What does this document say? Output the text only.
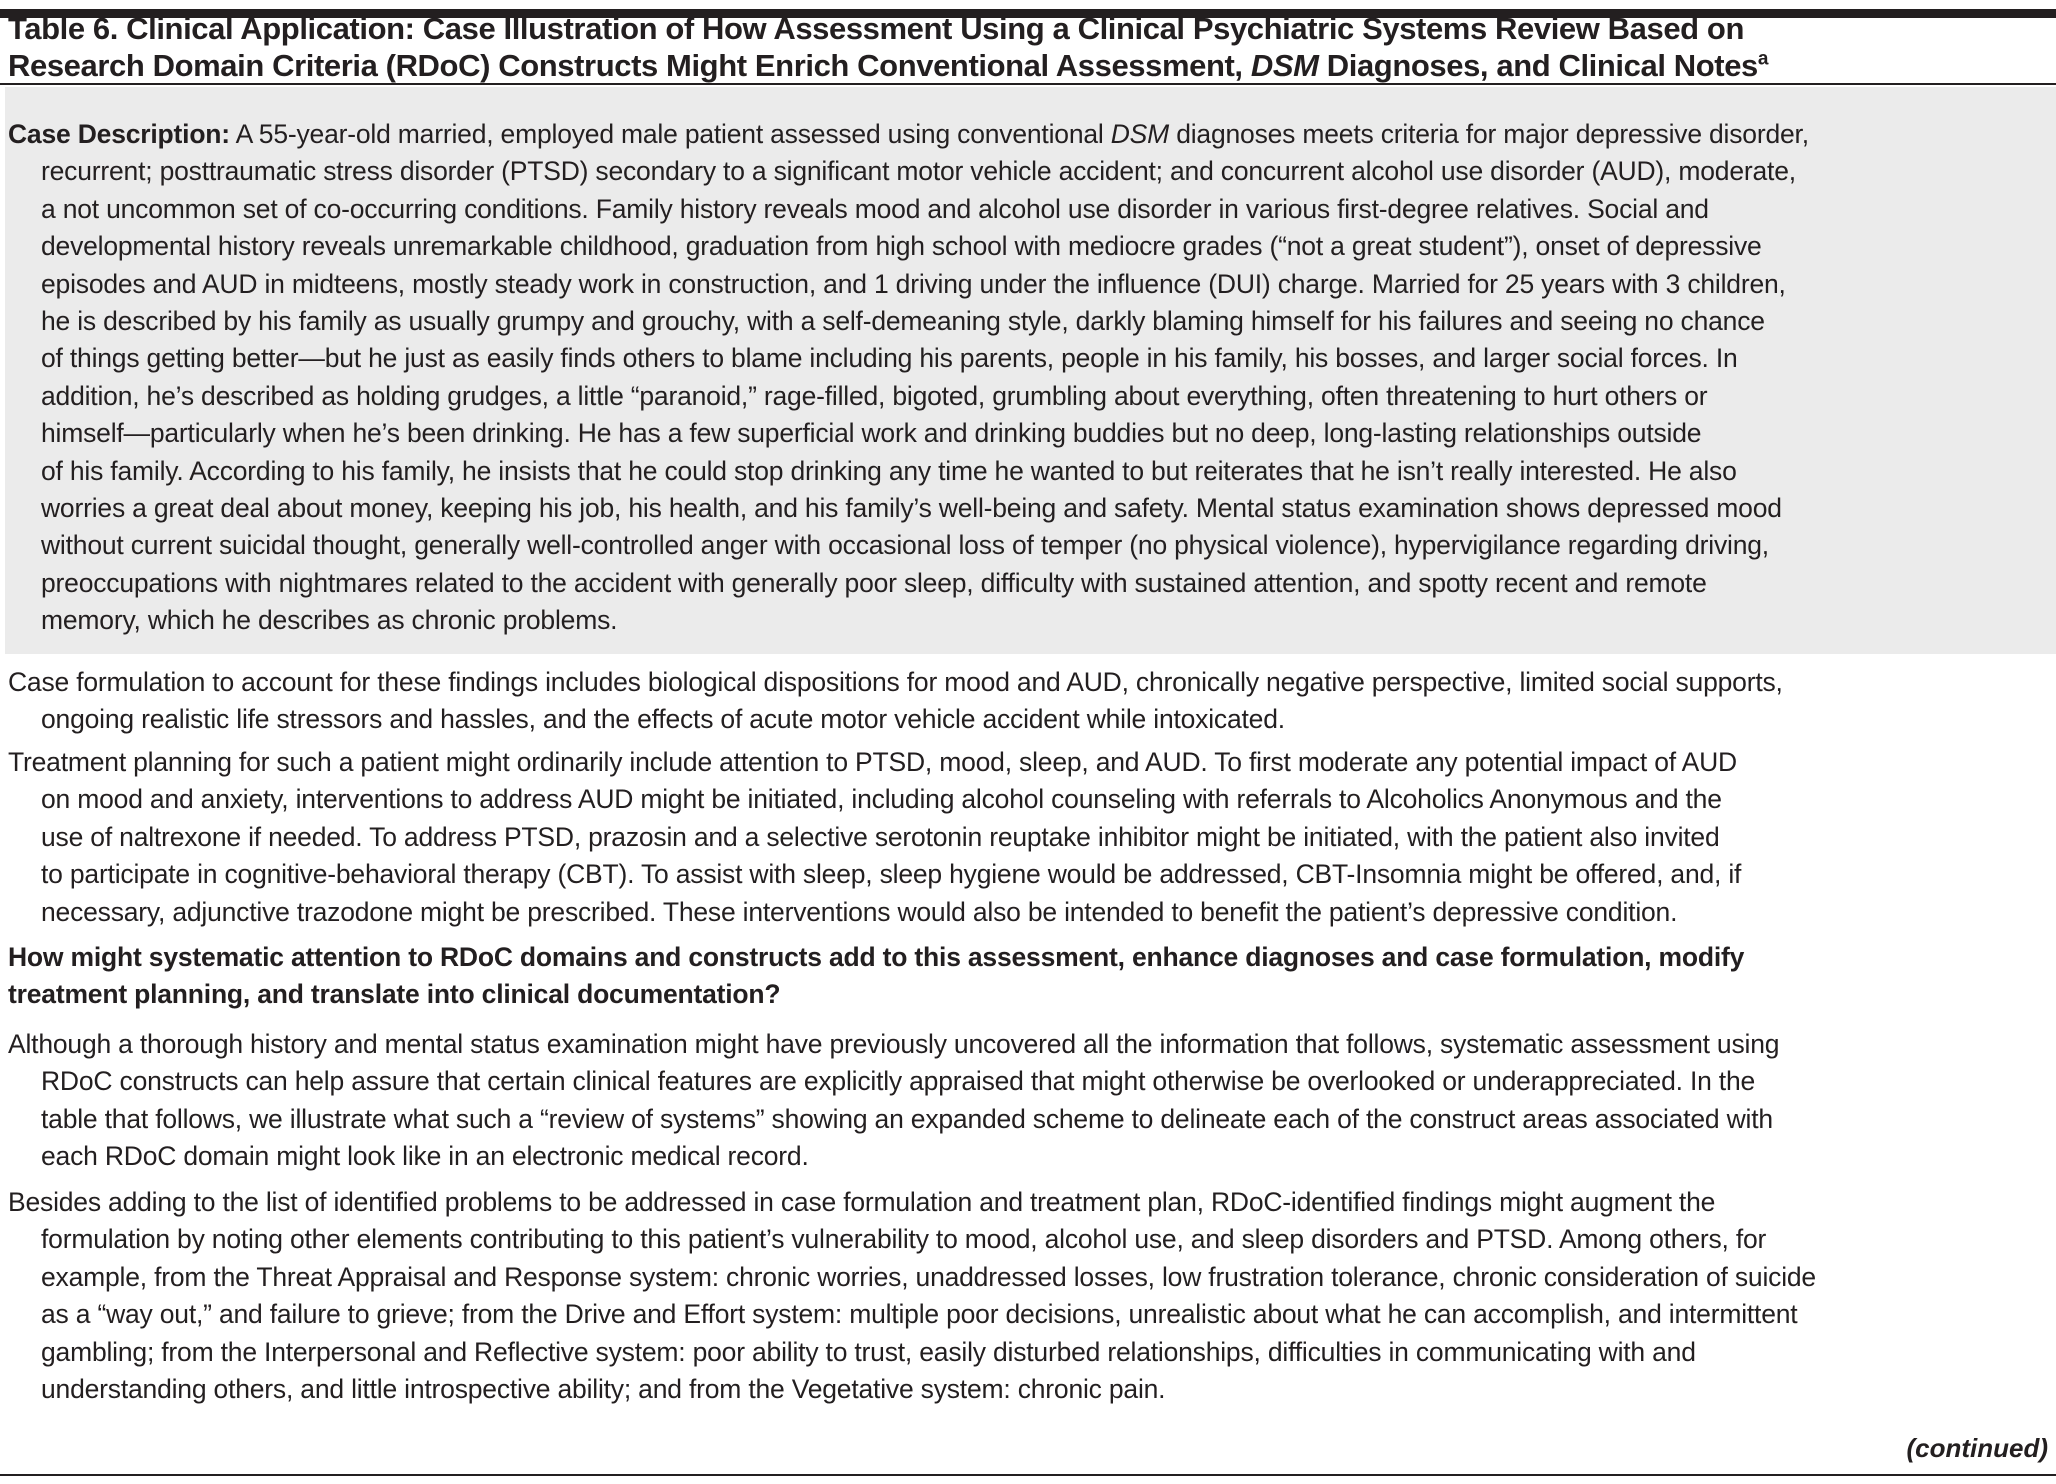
Table 6. Clinical Application: Case Illustration of How Assessment Using a Clinical Psychiatric Systems Review Based on
Research Domain Criteria (RDoC) Constructs Might Enrich Conventional Assessment, DSM Diagnoses, and Clinical Notes$^a$
Case Description: A 55-year-old married, employed male patient assessed using conventional DSM diagnoses meets criteria for major depressive disorder,
recurrent; posttraumatic stress disorder (PTSD) secondary to a significant motor vehicle accident; and concurrent alcohol use disorder (AUD), moderate,
a not uncommon set of co-occurring conditions. Family history reveals mood and alcohol use disorder in various first-degree relatives. Social and
developmental history reveals unremarkable childhood, graduation from high school with mediocre grades (“not a great student”), onset of depressive
episodes and AUD in midteens, mostly steady work in construction, and 1 driving under the influence (DUI) charge. Married for 25 years with 3 children,
he is described by his family as usually grumpy and grouchy, with a self-demeaning style, darkly blaming himself for his failures and seeing no chance
of things getting better—but he just as easily finds others to blame including his parents, people in his family, his bosses, and larger social forces. In
addition, he’s described as holding grudges, a little “paranoid,” rage-filled, bigoted, grumbling about everything, often threatening to hurt others or
himself—particularly when he’s been drinking. He has a few superficial work and drinking buddies but no deep, long-lasting relationships outside
of his family. According to his family, he insists that he could stop drinking any time he wanted to but reiterates that he isn’t really interested. He also
worries a great deal about money, keeping his job, his health, and his family’s well-being and safety. Mental status examination shows depressed mood
without current suicidal thought, generally well-controlled anger with occasional loss of temper (no physical violence), hypervigilance regarding driving,
preoccupations with nightmares related to the accident with generally poor sleep, difficulty with sustained attention, and spotty recent and remote
memory, which he describes as chronic problems.
Case formulation to account for these findings includes biological dispositions for mood and AUD, chronically negative perspective, limited social supports,
ongoing realistic life stressors and hassles, and the effects of acute motor vehicle accident while intoxicated.
Treatment planning for such a patient might ordinarily include attention to PTSD, mood, sleep, and AUD. To first moderate any potential impact of AUD
on mood and anxiety, interventions to address AUD might be initiated, including alcohol counseling with referrals to Alcoholics Anonymous and the
use of naltrexone if needed. To address PTSD, prazosin and a selective serotonin reuptake inhibitor might be initiated, with the patient also invited
to participate in cognitive-behavioral therapy (CBT). To assist with sleep, sleep hygiene would be addressed, CBT-Insomnia might be offered, and, if
necessary, adjunctive trazodone might be prescribed. These interventions would also be intended to benefit the patient’s depressive condition.
How might systematic attention to RDoC domains and constructs add to this assessment, enhance diagnoses and case formulation, modify
treatment planning, and translate into clinical documentation?
Although a thorough history and mental status examination might have previously uncovered all the information that follows, systematic assessment using
RDoC constructs can help assure that certain clinical features are explicitly appraised that might otherwise be overlooked or underappreciated. In the
table that follows, we illustrate what such a “review of systems” showing an expanded scheme to delineate each of the construct areas associated with
each RDoC domain might look like in an electronic medical record.
Besides adding to the list of identified problems to be addressed in case formulation and treatment plan, RDoC-identified findings might augment the
formulation by noting other elements contributing to this patient’s vulnerability to mood, alcohol use, and sleep disorders and PTSD. Among others, for
example, from the Threat Appraisal and Response system: chronic worries, unaddressed losses, low frustration tolerance, chronic consideration of suicide
as a “way out,” and failure to grieve; from the Drive and Effort system: multiple poor decisions, unrealistic about what he can accomplish, and intermittent
gambling; from the Interpersonal and Reflective system: poor ability to trust, easily disturbed relationships, difficulties in communicating with and
understanding others, and little introspective ability; and from the Vegetative system: chronic pain.
(continued)
